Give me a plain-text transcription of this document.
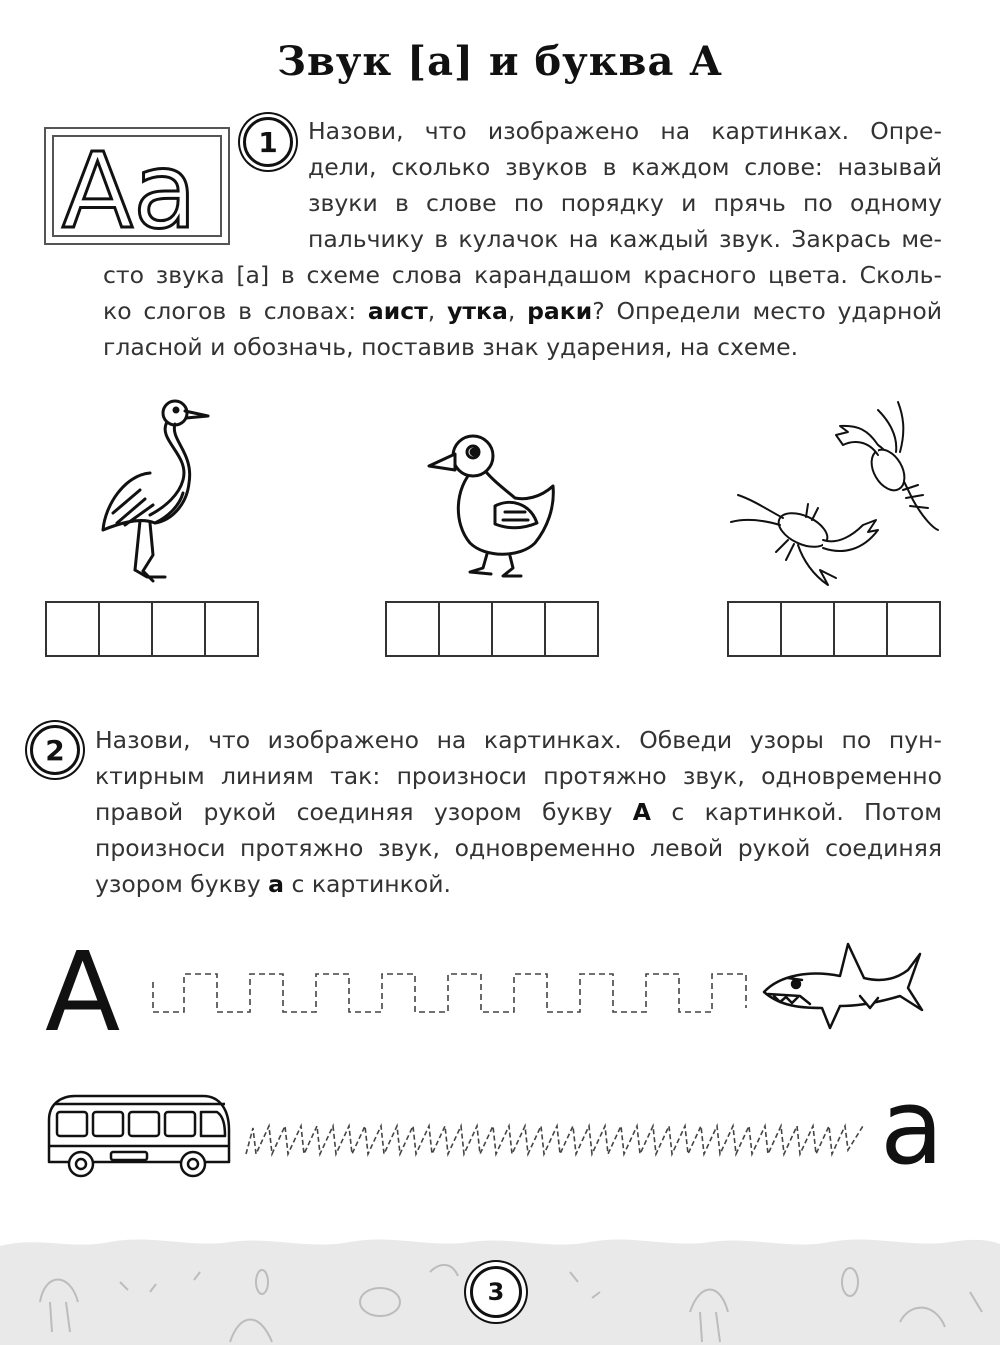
Звук [а] и буква А
Аа	1	Назови, что изображено на картинках. Опре-
дели, сколько звуков в каждом слове: называй
звуки в слове по порядку и прячь по одному
пальчику в кулачок на каждый звук. Закрась ме-
сто звука [а] в схеме слова карандашом красного цвета. Сколь-
ко слогов в словах: аист, утка, раки? Определи место ударной
гласной и обозначь, поставив знак ударения, на схеме.
2	Назови, что изображено на картинках. Обведи узоры по пун-
ктирным линиям так: произноси протяжно звук, одновременно
правой рукой соединяя узором букву А с картинкой. Потом
произноси протяжно звук, одновременно левой рукой соединяя
узором букву а с картинкой.
А
а
3
